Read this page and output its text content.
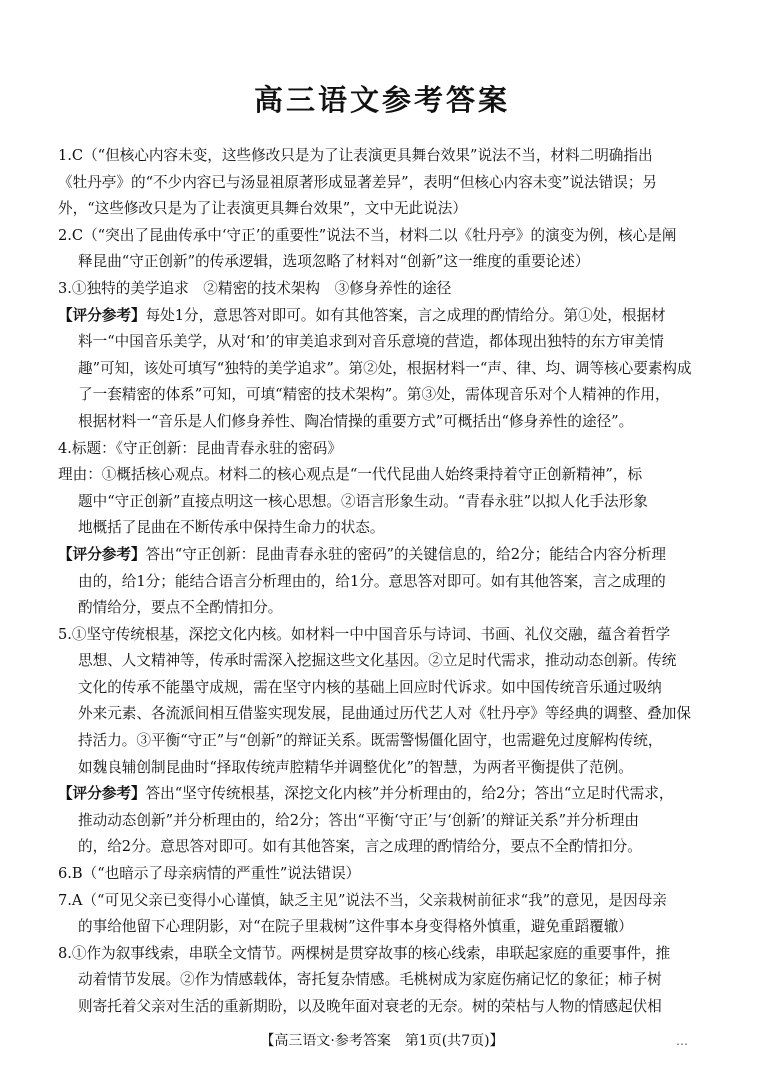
高三语文参考答案
1.C（“但核心内容未变，这些修改只是为了让表演更具舞台效果”说法不当，材料二明确指出
《牡丹亭》的“不少内容已与汤显祖原著形成显著差异”，表明“但核心内容未变”说法错误；另
外，“这些修改只是为了让表演更具舞台效果”，文中无此说法）
2.C（“突出了昆曲传承中‘守正’的重要性”说法不当，材料二以《牡丹亭》的演变为例，核心是阐
释昆曲“守正创新”的传承逻辑，选项忽略了材料对“创新”这一维度的重要论述）
3.①独特的美学追求　②精密的技术架构　③修身养性的途径
【评分参考】每处1分，意思答对即可。如有其他答案，言之成理的酌情给分。第①处，根据材
料一“中国音乐美学，从对‘和’的审美追求到对音乐意境的营造，都体现出独特的东方审美情
趣”可知，该处可填写“独特的美学追求”。第②处，根据材料一“声、律、均、调等核心要素构成
了一套精密的体系”可知，可填“精密的技术架构”。第③处，需体现音乐对个人精神的作用，
根据材料一“音乐是人们修身养性、陶冶情操的重要方式”可概括出“修身养性的途径”。
4.标题：《守正创新：昆曲青春永驻的密码》
理由：①概括核心观点。材料二的核心观点是“一代代昆曲人始终秉持着守正创新精神”，标
题中“守正创新”直接点明这一核心思想。②语言形象生动。“青春永驻”以拟人化手法形象
地概括了昆曲在不断传承中保持生命力的状态。
【评分参考】答出“守正创新：昆曲青春永驻的密码”的关键信息的，给2分；能结合内容分析理
由的，给1分；能结合语言分析理由的，给1分。意思答对即可。如有其他答案，言之成理的
酌情给分，要点不全酌情扣分。
5.①坚守传统根基，深挖文化内核。如材料一中中国音乐与诗词、书画、礼仪交融，蕴含着哲学
思想、人文精神等，传承时需深入挖掘这些文化基因。②立足时代需求，推动动态创新。传统
文化的传承不能墨守成规，需在坚守内核的基础上回应时代诉求。如中国传统音乐通过吸纳
外来元素、各流派间相互借鉴实现发展，昆曲通过历代艺人对《牡丹亭》等经典的调整、叠加保
持活力。③平衡“守正”与“创新”的辩证关系。既需警惕僵化固守，也需避免过度解构传统，
如魏良辅创制昆曲时“择取传统声腔精华并调整优化”的智慧，为两者平衡提供了范例。
【评分参考】答出“坚守传统根基，深挖文化内核”并分析理由的，给2分；答出“立足时代需求，
推动动态创新”并分析理由的，给2分；答出“平衡‘守正’与‘创新’的辩证关系”并分析理由
的，给2分。意思答对即可。如有其他答案，言之成理的酌情给分，要点不全酌情扣分。
6.B（“也暗示了母亲病情的严重性”说法错误）
7.A（“可见父亲已变得小心谨慎，缺乏主见”说法不当，父亲栽树前征求“我”的意见，是因母亲
的事给他留下心理阴影，对“在院子里栽树”这件事本身变得格外慎重，避免重蹈覆辙）
8.①作为叙事线索，串联全文情节。两棵树是贯穿故事的核心线索，串联起家庭的重要事件，推
动着情节发展。②作为情感载体，寄托复杂情感。毛桃树成为家庭伤痛记忆的象征；柿子树
则寄托着父亲对生活的重新期盼，以及晚年面对衰老的无奈。树的荣枯与人物的情感起伏相
【高三语文·参考答案　第1页(共7页)】	…
